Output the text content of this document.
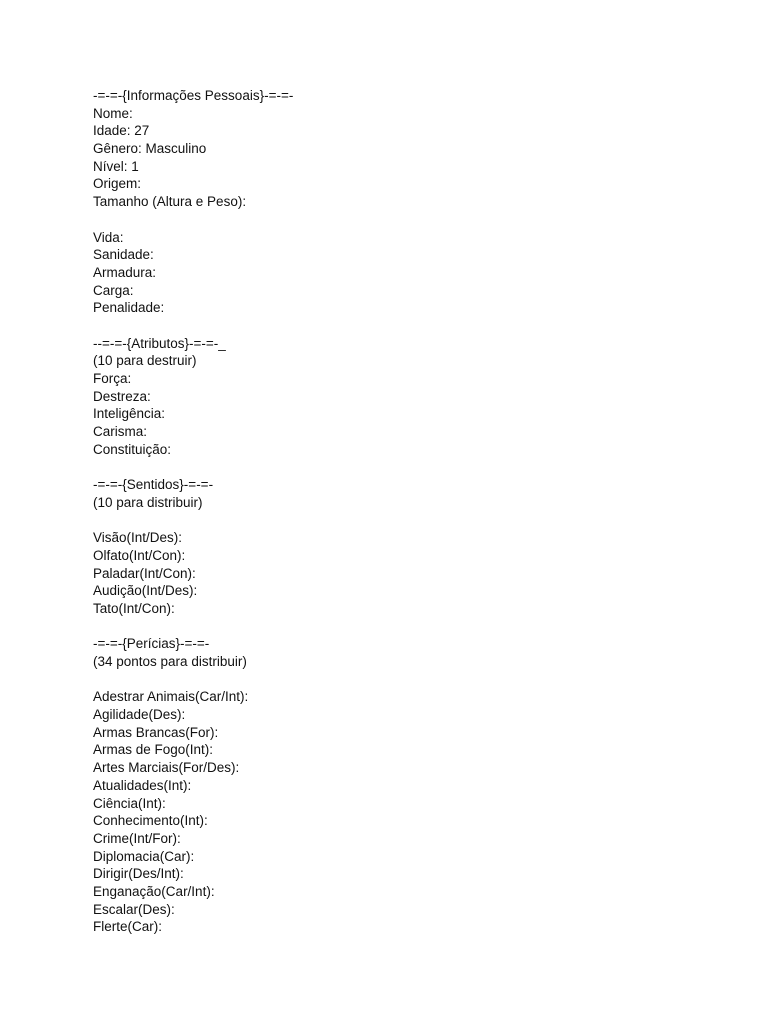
-=-=-{Informações Pessoais}-=-=-
Nome:
Idade: 27
Gênero: Masculino
Nível: 1
Origem:
Tamanho (Altura e Peso):
Vida:
Sanidade:
Armadura:
Carga:
Penalidade:
--=-=-{Atributos}-=-=-_
(10 para destruir)
Força:
Destreza:
Inteligência:
Carisma:
Constituição:
-=-=-{Sentidos}-=-=-
(10 para distribuir)
Visão(Int/Des):
Olfato(Int/Con):
Paladar(Int/Con):
Audição(Int/Des):
Tato(Int/Con):
-=-=-{Perícias}-=-=-
(34 pontos para distribuir)
Adestrar Animais(Car/Int):
Agilidade(Des):
Armas Brancas(For):
Armas de Fogo(Int):
Artes Marciais(For/Des):
Atualidades(Int):
Ciência(Int):
Conhecimento(Int):
Crime(Int/For):
Diplomacia(Car):
Dirigir(Des/Int):
Enganação(Car/Int):
Escalar(Des):
Flerte(Car):
